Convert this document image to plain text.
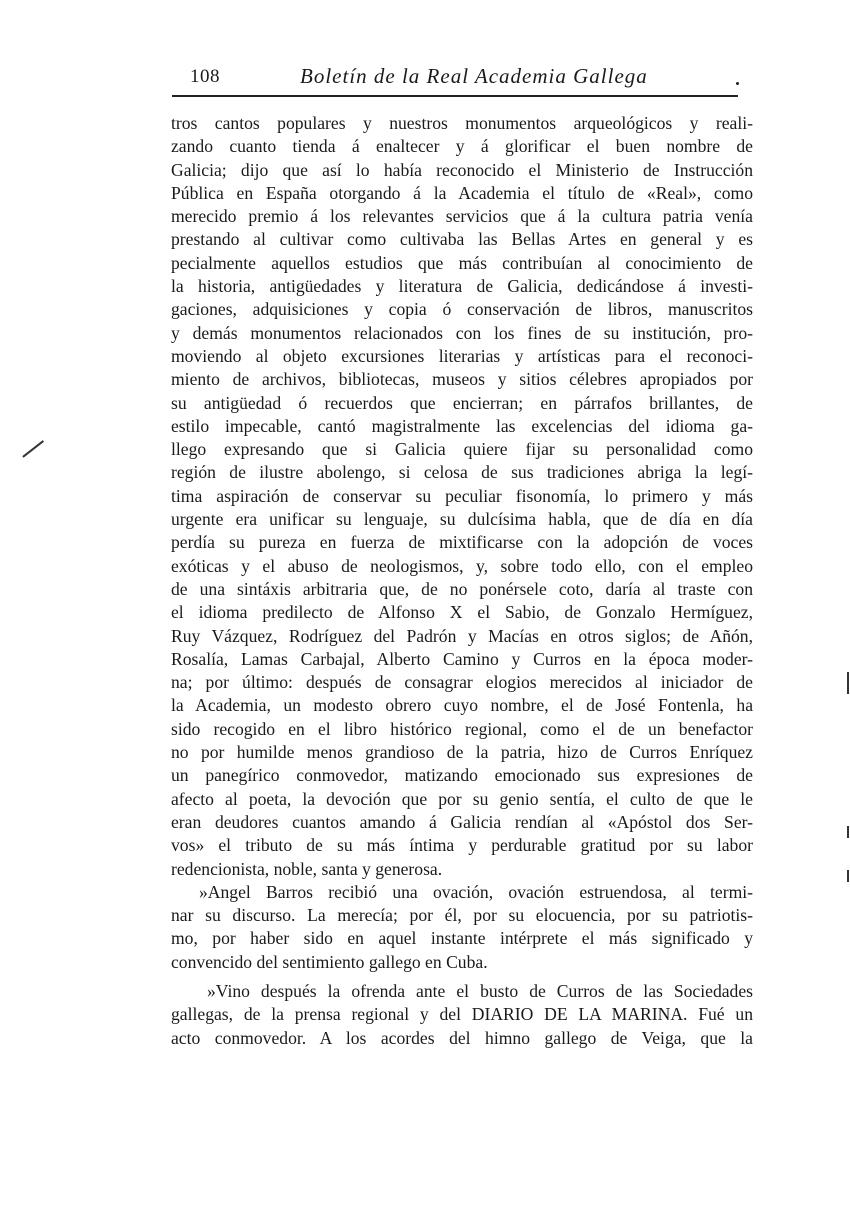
108	Boletín de la Real Academia Gallega
tros cantos populares y nuestros monumentos arqueológicos y reali-
zando cuanto tienda á enaltecer y á glorificar el buen nombre de
Galicia; dijo que así lo había reconocido el Ministerio de Instrucción
Pública en España otorgando á la Academia el título de «Real», como
merecido premio á los relevantes servicios que á la cultura patria venía
prestando al cultivar como cultivaba las Bellas Artes en general y es
pecialmente aquellos estudios que más contribuían al conocimiento de
la historia, antigüedades y literatura de Galicia, dedicándose á investi-
gaciones, adquisiciones y copia ó conservación de libros, manuscritos
y demás monumentos relacionados con los fines de su institución, pro-
moviendo al objeto excursiones literarias y artísticas para el reconoci-
miento de archivos, bibliotecas, museos y sitios célebres apropiados por
su antigüedad ó recuerdos que encierran; en párrafos brillantes, de
estilo impecable, cantó magistralmente las excelencias del idioma ga-
llego expresando que si Galicia quiere fijar su personalidad como
región de ilustre abolengo, si celosa de sus tradiciones abriga la legí-
tima aspiración de conservar su peculiar fisonomía, lo primero y más
urgente era unificar su lenguaje, su dulcísima habla, que de día en día
perdía su pureza en fuerza de mixtificarse con la adopción de voces
exóticas y el abuso de neologismos, y, sobre todo ello, con el empleo
de una sintáxis arbitraria que, de no ponérsele coto, daría al traste con
el idioma predilecto de Alfonso X el Sabio, de Gonzalo Hermíguez,
Ruy Vázquez, Rodríguez del Padrón y Macías en otros siglos; de Añón,
Rosalía, Lamas Carbajal, Alberto Camino y Curros en la época moder-
na; por último: después de consagrar elogios merecidos al iniciador de
la Academia, un modesto obrero cuyo nombre, el de José Fontenla, ha
sido recogido en el libro histórico regional, como el de un benefactor
no por humilde menos grandioso de la patria, hizo de Curros Enríquez
un panegírico conmovedor, matizando emocionado sus expresiones de
afecto al poeta, la devoción que por su genio sentía, el culto de que le
eran deudores cuantos amando á Galicia rendían al «Apóstol dos Ser-
vos» el tributo de su más íntima y perdurable gratitud por su labor
redencionista, noble, santa y generosa.
»Angel Barros recibió una ovación, ovación estruendosa, al termi-
nar su discurso. La merecía; por él, por su elocuencia, por su patriotis-
mo, por haber sido en aquel instante intérprete el más significado y
convencido del sentimiento gallego en Cuba.
»Vino después la ofrenda ante el busto de Curros de las Sociedades
gallegas, de la prensa regional y del DIARIO DE LA MARINA. Fué un
acto conmovedor. A los acordes del himno gallego de Veiga, que la
